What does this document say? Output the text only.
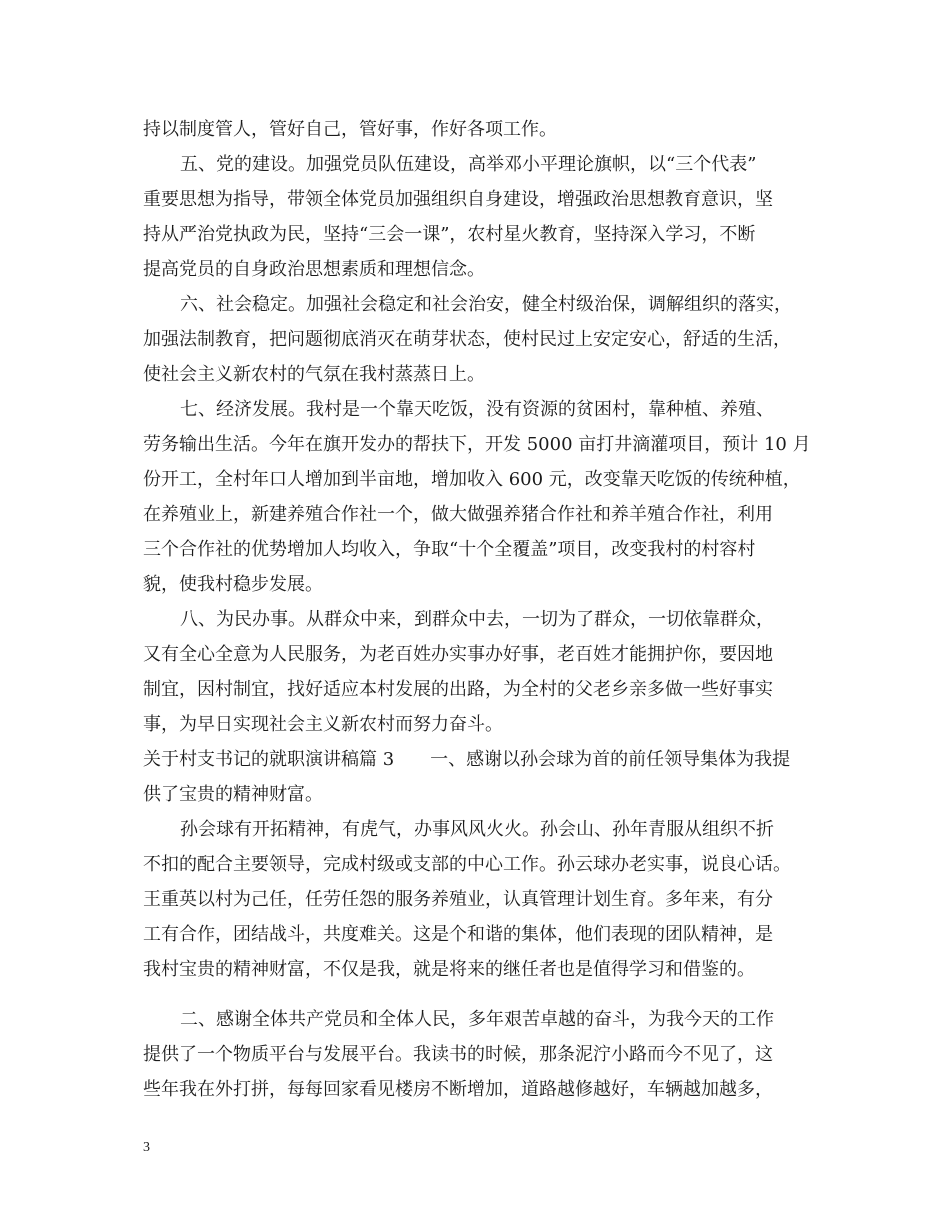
持以制度管人，管好自己，管好事，作好各项工作。
五、党的建设。加强党员队伍建设，高举邓小平理论旗帜，以“三个代表”
重要思想为指导，带领全体党员加强组织自身建设，增强政治思想教育意识，坚
持从严治党执政为民，坚持“三会一课”，农村星火教育，坚持深入学习，不断
提高党员的自身政治思想素质和理想信念。
六、社会稳定。加强社会稳定和社会治安，健全村级治保，调解组织的落实，
加强法制教育，把问题彻底消灭在萌芽状态，使村民过上安定安心，舒适的生活，
使社会主义新农村的气氛在我村蒸蒸日上。
七、经济发展。我村是一个靠天吃饭，没有资源的贫困村，靠种植、养殖、
劳务输出生活。今年在旗开发办的帮扶下，开发 5000 亩打井滴灌项目，预计 10 月
份开工，全村年口人增加到半亩地，增加收入 600 元，改变靠天吃饭的传统种植，
在养殖业上，新建养殖合作社一个，做大做强养猪合作社和养羊殖合作社，利用
三个合作社的优势增加人均收入，争取“十个全覆盖”项目，改变我村的村容村
貌，使我村稳步发展。
八、为民办事。从群众中来，到群众中去，一切为了群众，一切依靠群众，
又有全心全意为人民服务，为老百姓办实事办好事，老百姓才能拥护你，要因地
制宜，因村制宜，找好适应本村发展的出路，为全村的父老乡亲多做一些好事实
事，为早日实现社会主义新农村而努力奋斗。
关于村支书记的就职演讲稿篇 3　　一、感谢以孙会球为首的前任领导集体为我提
供了宝贵的精神财富。
孙会球有开拓精神，有虎气，办事风风火火。孙会山、孙年青服从组织不折
不扣的配合主要领导，完成村级或支部的中心工作。孙云球办老实事，说良心话。
王重英以村为己任，任劳任怨的服务养殖业，认真管理计划生育。多年来，有分
工有合作，团结战斗，共度难关。这是个和谐的集体，他们表现的团队精神，是
我村宝贵的精神财富，不仅是我，就是将来的继任者也是值得学习和借鉴的。
二、感谢全体共产党员和全体人民，多年艰苦卓越的奋斗，为我今天的工作
提供了一个物质平台与发展平台。我读书的时候，那条泥泞小路而今不见了，这
些年我在外打拼，每每回家看见楼房不断增加，道路越修越好，车辆越加越多，
3
